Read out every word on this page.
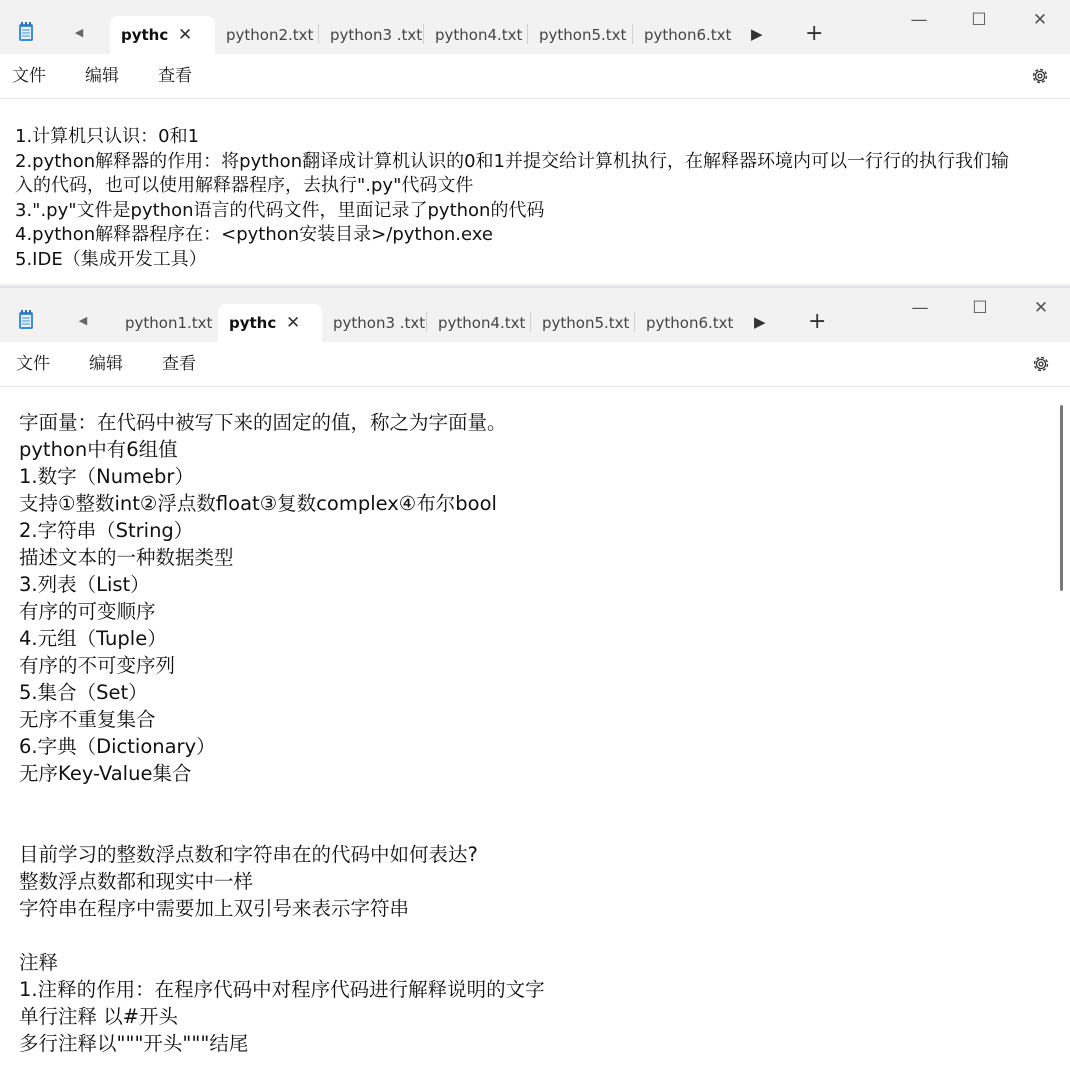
◀	pythc ✕ python2.txt python3 .txt python4.txt python5.txt python6.txt ▶ +
—	☐	✕
文件 编辑 查看
1.计算机只认识：0和1
2.python解释器的作用：将python翻译成计算机认识的0和1并提交给计算机执行，在解释器环境内可以一行行的执行我们输
入的代码，也可以使用解释器程序，去执行".py"代码文件
3.".py"文件是python语言的代码文件，里面记录了python的代码
4.python解释器程序在：<python安装目录>/python.exe
5.IDE（集成开发工具）
◀	python1.txt pythc ✕ python3 .txt python4.txt python5.txt python6.txt ▶ +
—	☐	✕
文件 编辑 查看
字面量：在代码中被写下来的固定的值，称之为字面量。
python中有6组值
1.数字（Numebr）
支持①整数int②浮点数float③复数complex④布尔bool
2.字符串（String）
描述文本的一种数据类型
3.列表（List）
有序的可变顺序
4.元组（Tuple）
有序的不可变序列
5.集合（Set）
无序不重复集合
6.字典（Dictionary）
无序Key-Value集合
目前学习的整数浮点数和字符串在的代码中如何表达?
整数浮点数都和现实中一样
字符串在程序中需要加上双引号来表示字符串
注释
1.注释的作用：在程序代码中对程序代码进行解释说明的文字
单行注释 以#开头
多行注释以"""开头"""结尾
